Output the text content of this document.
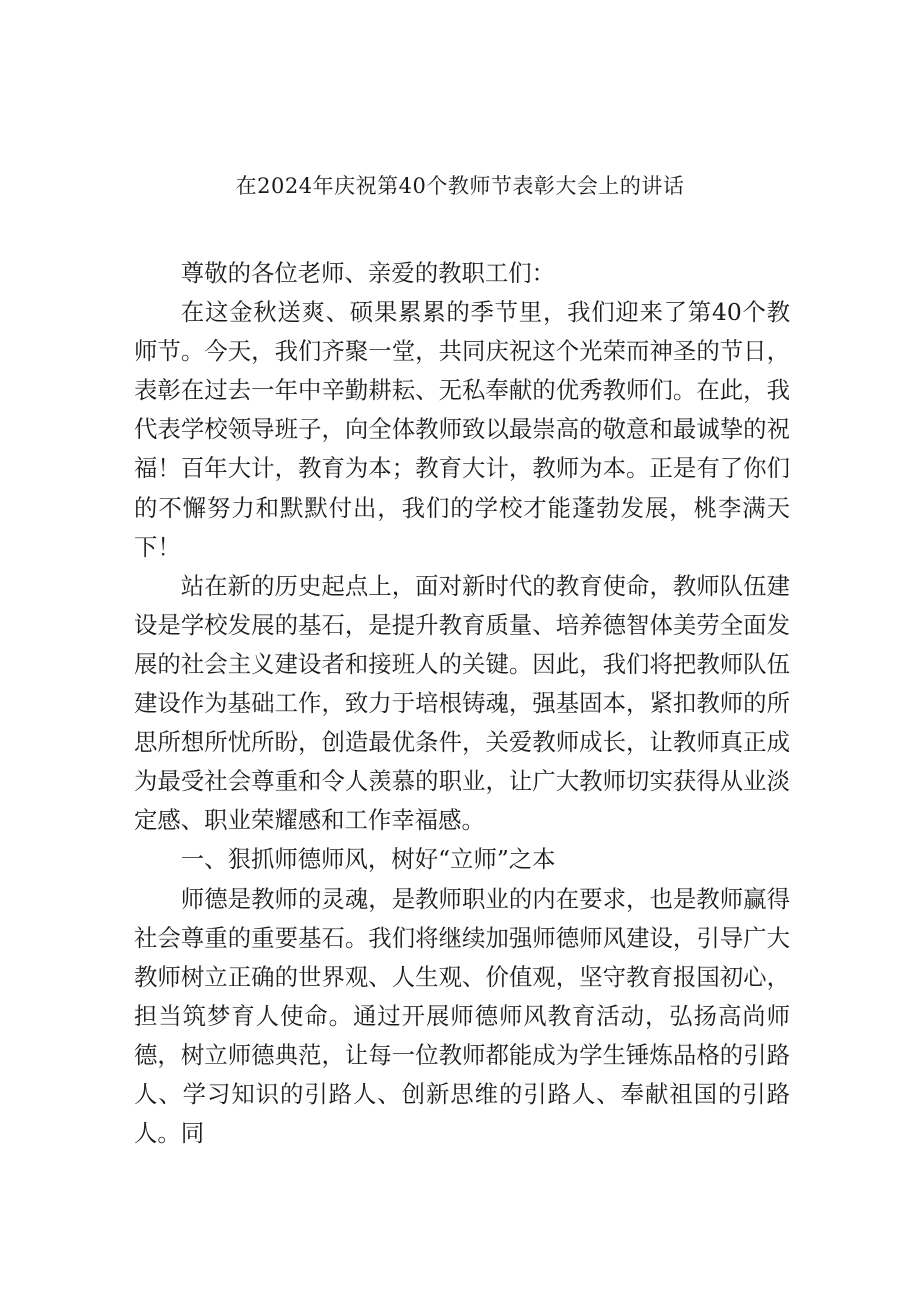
在2024年庆祝第40个教师节表彰大会上的讲话

尊敬的各位老师、亲爱的教职工们：

在这金秋送爽、硕果累累的季节里，我们迎来了第40个教师节。今天，我们齐聚一堂，共同庆祝这个光荣而神圣的节日，表彰在过去一年中辛勤耕耘、无私奉献的优秀教师们。在此，我代表学校领导班子，向全体教师致以最崇高的敬意和最诚挚的祝福！百年大计，教育为本；教育大计，教师为本。正是有了你们的不懈努力和默默付出，我们的学校才能蓬勃发展，桃李满天下！

站在新的历史起点上，面对新时代的教育使命，教师队伍建设是学校发展的基石，是提升教育质量、培养德智体美劳全面发展的社会主义建设者和接班人的关键。因此，我们将把教师队伍建设作为基础工作，致力于培根铸魂，强基固本，紧扣教师的所思所想所忧所盼，创造最优条件，关爱教师成长，让教师真正成为最受社会尊重和令人羡慕的职业，让广大教师切实获得从业淡定感、职业荣耀感和工作幸福感。

一、狠抓师德师风，树好“立师”之本

师德是教师的灵魂，是教师职业的内在要求，也是教师赢得社会尊重的重要基石。我们将继续加强师德师风建设，引导广大教师树立正确的世界观、人生观、价值观，坚守教育报国初心，担当筑梦育人使命。通过开展师德师风教育活动，弘扬高尚师德，树立师德典范，让每一位教师都能成为学生锤炼品格的引路人、学习知识的引路人、创新思维的引路人、奉献祖国的引路人。同
